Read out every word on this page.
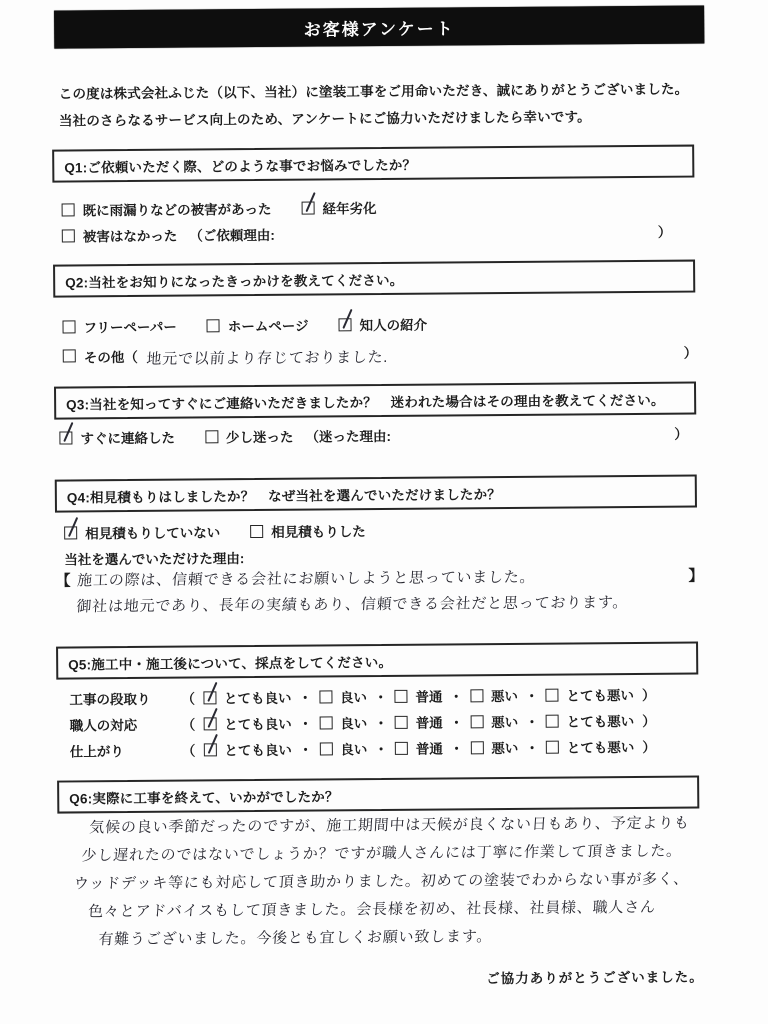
お客様アンケート
この度は株式会社ふじた（以下、当社）に塗装工事をご用命いただき、誠にありがとうございました。
当社のさらなるサービス向上のため、アンケートにご協力いただけましたら幸いです。
Q1:ご依頼いただく際、どのような事でお悩みでしたか？
既に雨漏りなどの被害があった	経年劣化
被害はなかった （ご依頼理由:	）
Q2:当社をお知りになったきっかけを教えてください。
フリーペーパー	ホームページ	知人の紹介
その他（ 地元で以前より存じておりました.	）
Q3:当社を知ってすぐにご連絡いただきましたか？　迷われた場合はその理由を教えてください。
すぐに連絡した	少し迷った （迷った理由:	）
Q4:相見積もりはしましたか？　なぜ当社を選んでいただけましたか？
相見積もりしていない	相見積もりした
当社を選んでいただけた理由:
【 施工の際は、信頼できる会社にお願いしようと思っていました。	】
御社は地元であり、長年の実績もあり、信頼できる会社だと思っております。
Q5:施工中・施工後について、採点をしてください。
工事の段取り	（ とても良い ・ 良い ・ 普通 ・ 悪い ・ とても悪い ）
職人の対応	（ とても良い ・ 良い ・ 普通 ・ 悪い ・ とても悪い ）
仕上がり	（ とても良い ・ 良い ・ 普通 ・ 悪い ・ とても悪い ）
Q6:実際に工事を終えて、いかがでしたか？
気候の良い季節だったのですが、施工期間中は天候が良くない日もあり、予定よりも
少し遅れたのではないでしょうか？ですが職人さんには丁寧に作業して頂きました。
ウッドデッキ等にも対応して頂き助かりました。初めての塗装でわからない事が多く、
色々とアドバイスもして頂きました。会長様を初め、社長様、社員様、職人さん
有難うございました。今後とも宜しくお願い致します。
ご協力ありがとうございました。
